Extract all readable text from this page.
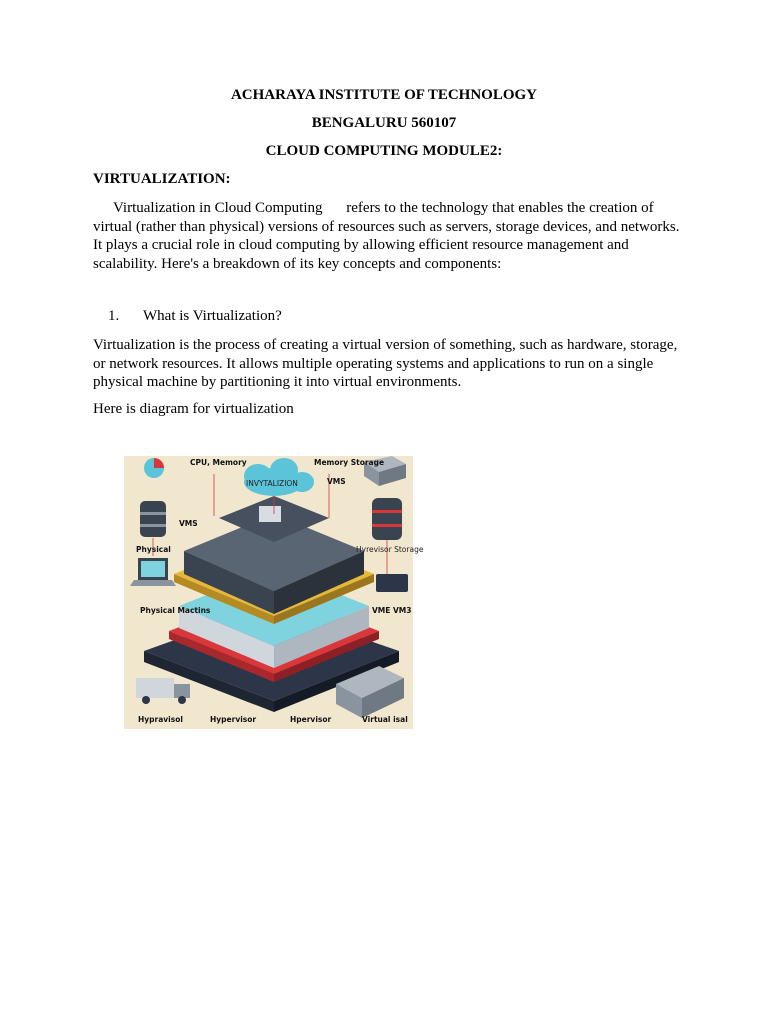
ACHARAYA INSTITUTE OF TECHNOLOGY
BENGALURU 560107
CLOUD COMPUTING MODULE2:
VIRTUALIZATION:
Virtualization in Cloud Computing refers to the technology that enables the creation of virtual (rather than physical) versions of resources such as servers, storage devices, and networks. It plays a crucial role in cloud computing by allowing efficient resource management and scalability. Here's a breakdown of its key concepts and components:
1. What is Virtualization?
Virtualization is the process of creating a virtual version of something, such as hardware, storage, or network resources. It allows multiple operating systems and applications to run on a single physical machine by partitioning it into virtual environments.
Here is diagram for virtualization
CPU, Memory	Memory Storage
INVYTALIZION	VMS
VMS
Physical	Hyrevisor Storage
Physical Mactins	VMЕ VM3
Hypravisol	Hypervisor	Hpervisor	Virtual isal
